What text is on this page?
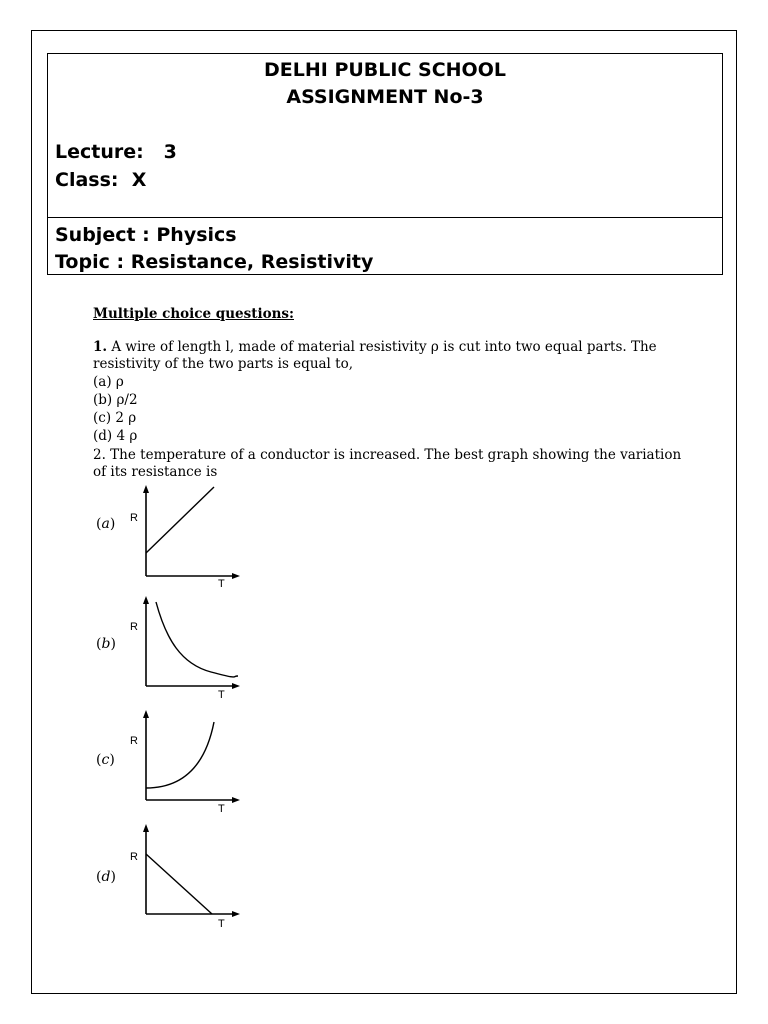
DELHI PUBLIC SCHOOL
ASSIGNMENT No-3
Lecture:   3
Class:  X
Subject : Physics
Topic : Resistance, Resistivity
Multiple choice questions:
1. A wire of length l, made of material resistivity ρ is cut into two equal parts. The
resistivity of the two parts is equal to,
(a) ρ
(b) ρ/2
(c) 2 ρ
(d) 4 ρ
2. The temperature of a conductor is increased. The best graph showing the variation
of its resistance is
(a) R
T
(b)
R
T
(c)
R
T
(d)
R
T
